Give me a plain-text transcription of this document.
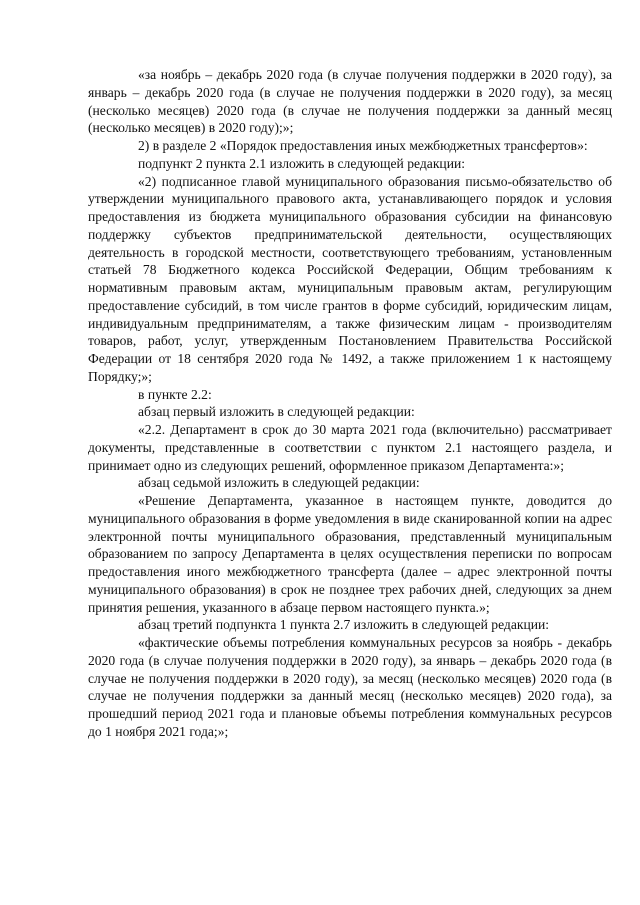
«за ноябрь – декабрь 2020 года (в случае получения поддержки в 2020 году), за январь – декабрь 2020 года (в случае не получения поддержки в 2020 году), за месяц (несколько месяцев) 2020 года (в случае не получения поддержки за данный месяц (несколько месяцев) в 2020 году);»;

2) в разделе 2 «Порядок предоставления иных межбюджетных трансфертов»:

подпункт 2 пункта 2.1 изложить в следующей редакции:

«2) подписанное главой муниципального образования письмо-обязательство об утверждении муниципального правового акта, устанавливающего порядок и условия предоставления из бюджета муниципального образования субсидии на финансовую поддержку субъектов предпринимательской деятельности, осуществляющих деятельность в городской местности, соответствующего требованиям, установленным статьей 78 Бюджетного кодекса Российской Федерации, Общим требованиям к нормативным правовым актам, муниципальным правовым актам, регулирующим предоставление субсидий, в том числе грантов в форме субсидий, юридическим лицам, индивидуальным предпринимателям, а также физическим лицам - производителям товаров, работ, услуг, утвержденным Постановлением Правительства Российской Федерации от 18 сентября 2020 года № 1492, а также приложением 1 к настоящему Порядку;»;

в пункте 2.2:

абзац первый изложить в следующей редакции:

«2.2. Департамент в срок до 30 марта 2021 года (включительно) рассматривает документы, представленные в соответствии с пунктом 2.1 настоящего раздела, и принимает одно из следующих решений, оформленное приказом Департамента:»;

абзац седьмой изложить в следующей редакции:

«Решение Департамента, указанное в настоящем пункте, доводится до муниципального образования в форме уведомления в виде сканированной копии на адрес электронной почты муниципального образования, представленный муниципальным образованием по запросу Департамента в целях осуществления переписки по вопросам предоставления иного межбюджетного трансферта (далее – адрес электронной почты муниципального образования) в срок не позднее трех рабочих дней, следующих за днем принятия решения, указанного в абзаце первом настоящего пункта.»;

абзац третий подпункта 1 пункта 2.7 изложить в следующей редакции:

«фактические объемы потребления коммунальных ресурсов за ноябрь - декабрь 2020 года (в случае получения поддержки в 2020 году), за январь – декабрь 2020 года (в случае не получения поддержки в 2020 году), за месяц (несколько месяцев) 2020 года (в случае не получения поддержки за данный месяц (несколько месяцев) 2020 года), за прошедший период 2021 года и плановые объемы потребления коммунальных ресурсов до 1 ноября 2021 года;»;
